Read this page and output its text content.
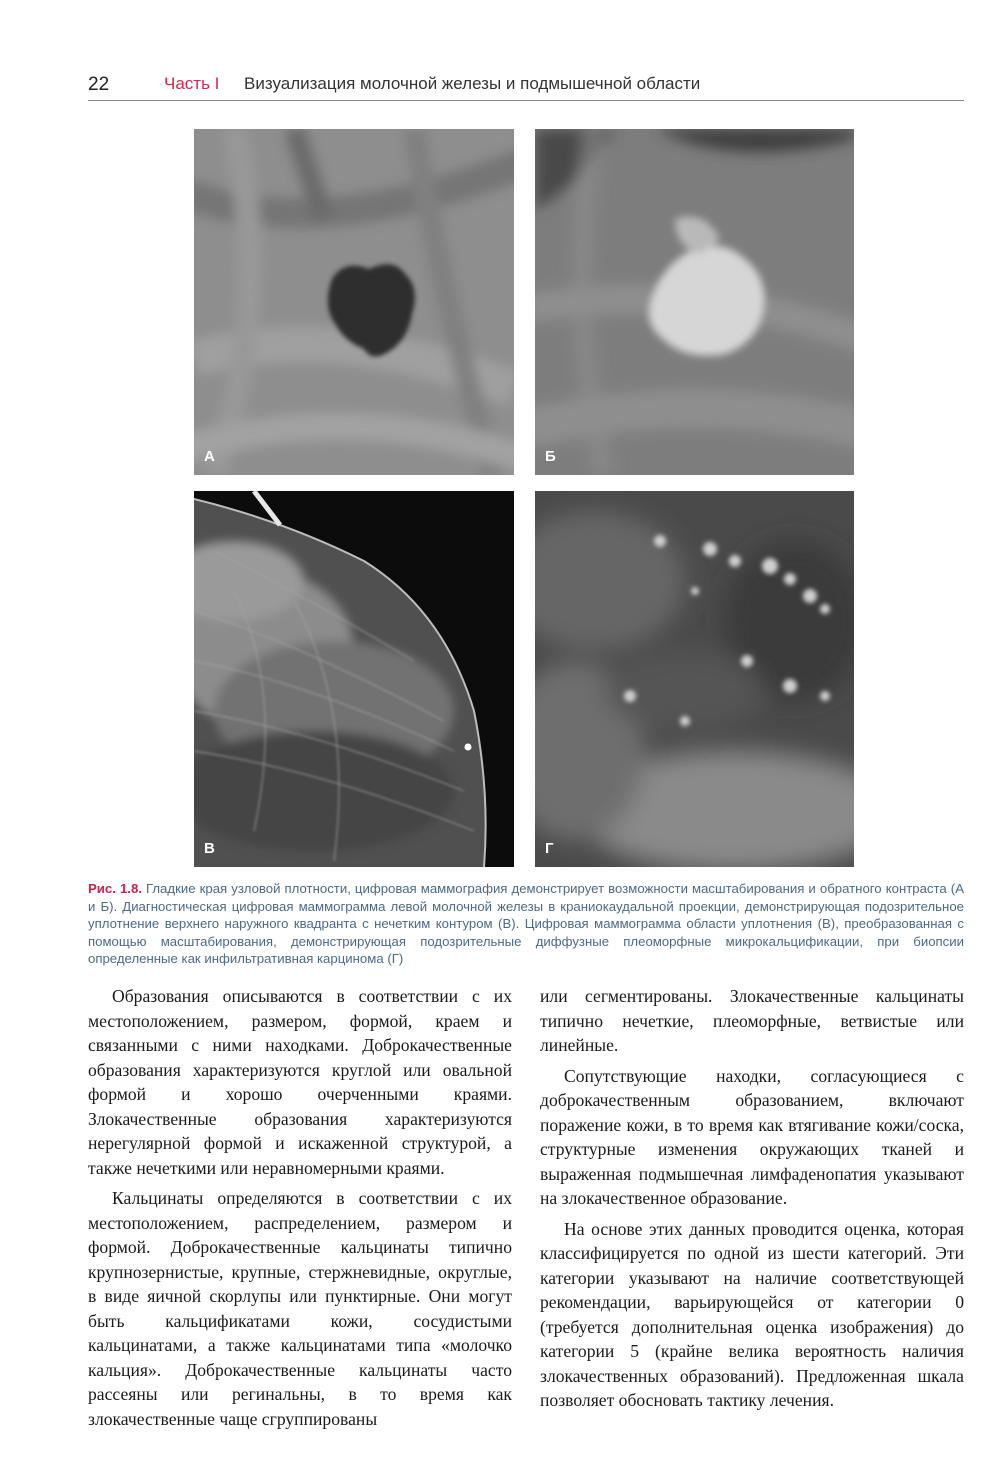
22	Часть I Визуализация молочной железы и подмышечной области
А	Б
В	Г
Рис. 1.8. Гладкие края узловой плотности, цифровая маммография демонстрирует возможности масштабирования и обратного контраста (А и Б). Диагностическая цифровая маммограмма левой молочной железы в краниокаудальной проекции, демонстрирующая подозрительное уплотнение верхнего наружного квадранта с нечетким контуром (В). Цифровая маммограмма области уплотнения (В), преобразованная с помощью масштабирования, демонстрирующая подозрительные диффузные плеоморфные микрокальцификации, при биопсии определенные как инфильтративная карцинома (Г)

Образования описываются в соответствии с их местоположением, размером, формой, краем и связанными с ними находками. Доброкачественные образования характеризуются круглой или овальной формой и хорошо очерченными краями. Злокачественные образования характеризуются нерегулярной формой и искаженной структурой, а также нечеткими или неравномерными краями.

Кальцинаты определяются в соответствии с их местоположением, распределением, размером и формой. Доброкачественные кальцинаты типично крупнозернистые, крупные, стержневидные, округлые, в виде яичной скорлупы или пунктирные. Они могут быть кальцификатами кожи, сосудистыми кальцинатами, а также кальцинатами типа «молочко кальция». Доброкачественные кальцинаты часто рассеяны или регинальны, в то время как злокачественные чаще сгруппированы

или сегментированы. Злокачественные кальцинаты типично нечеткие, плеоморфные, ветвистые или линейные.

Сопутствующие находки, согласующиеся с доброкачественным образованием, включают поражение кожи, в то время как втягивание кожи/соска, структурные изменения окружающих тканей и выраженная подмышечная лимфаденопатия указывают на злокачественное образование.

На основе этих данных проводится оценка, которая классифицируется по одной из шести категорий. Эти категории указывают на наличие соответствующей рекомендации, варьирующейся от категории 0 (требуется дополнительная оценка изображения) до категории 5 (крайне велика вероятность наличия злокачественных образований). Предложенная шкала позволяет обосновать тактику лечения.
